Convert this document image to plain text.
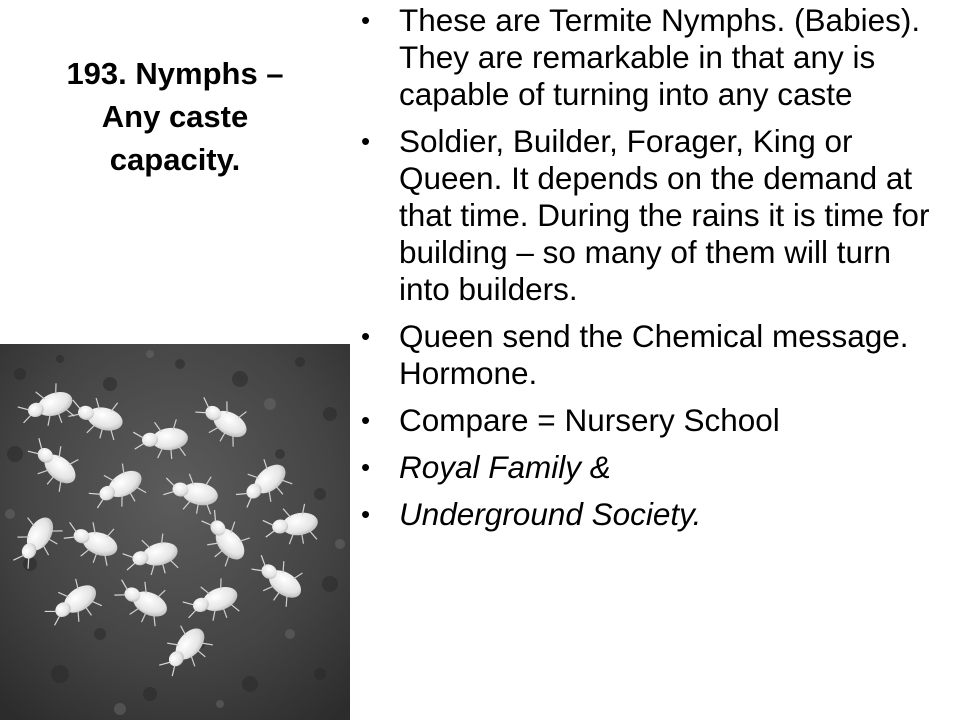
193. Nymphs –
Any caste
capacity.
• These are Termite Nymphs. (Babies). They are remarkable in that any is capable of turning into any caste
• Soldier, Builder, Forager, King or Queen. It depends on the demand at that time. During the rains it is time for building – so many of them will turn into builders.
• Queen send the Chemical message. Hormone.
• Compare = Nursery School
• Royal Family &
• Underground Society.
